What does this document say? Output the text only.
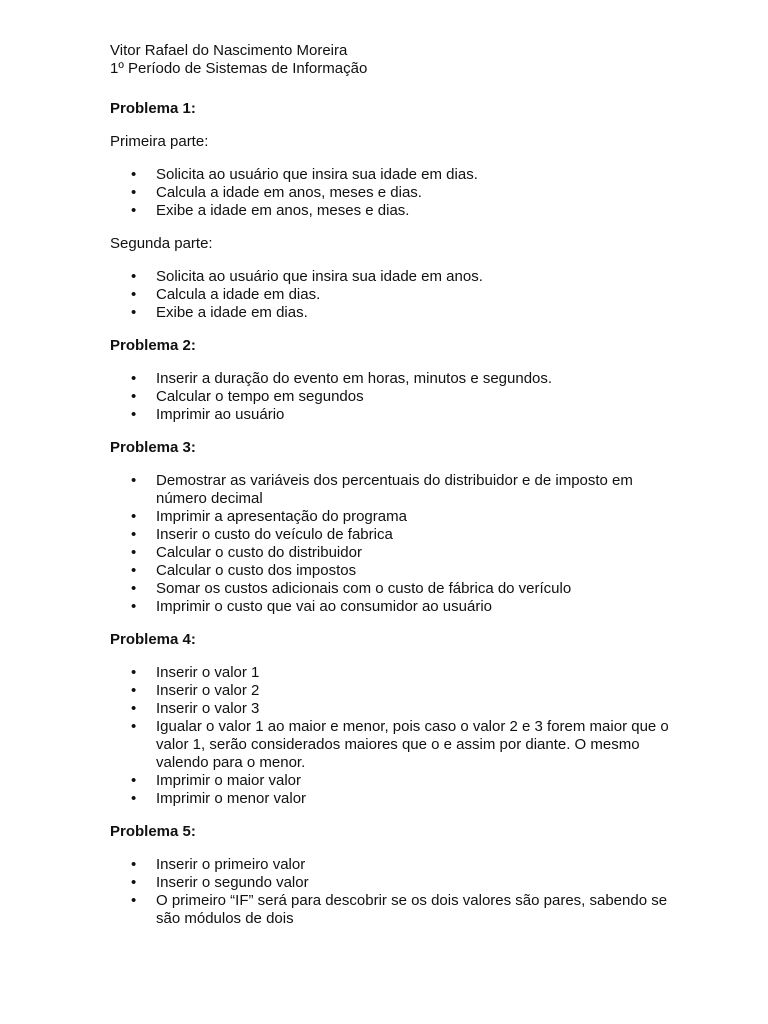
Vitor Rafael do Nascimento Moreira

1º Período de Sistemas de Informação

Problema 1:

Primeira parte:

•	Solicita ao usuário que insira sua idade em dias.
•	Calcula a idade em anos, meses e dias.
•	Exibe a idade em anos, meses e dias.

Segunda parte:

•	Solicita ao usuário que insira sua idade em anos.
•	Calcula a idade em dias.
•	Exibe a idade em dias.

Problema 2:

•	Inserir a duração do evento em horas, minutos e segundos.
•	Calcular o tempo em segundos
•	Imprimir ao usuário

Problema 3:

•	Demostrar as variáveis dos percentuais do distribuidor e de imposto em número decimal
•	Imprimir a apresentação do programa
•	Inserir o custo do veículo de fabrica
•	Calcular o custo do distribuidor
•	Calcular o custo dos impostos
•	Somar os custos adicionais com o custo de fábrica do verículo
•	Imprimir o custo que vai ao consumidor ao usuário

Problema 4:

•	Inserir o valor 1
•	Inserir o valor 2
•	Inserir o valor 3
•	Igualar o valor 1 ao maior e menor, pois caso o valor 2 e 3 forem maior que o valor 1, serão considerados maiores que o e assim por diante. O mesmo valendo para o menor.
•	Imprimir o maior valor
•	Imprimir o menor valor

Problema 5:

•	Inserir o primeiro valor
•	Inserir o segundo valor
•	O primeiro “IF” será para descobrir se os dois valores são pares, sabendo se são módulos de dois
